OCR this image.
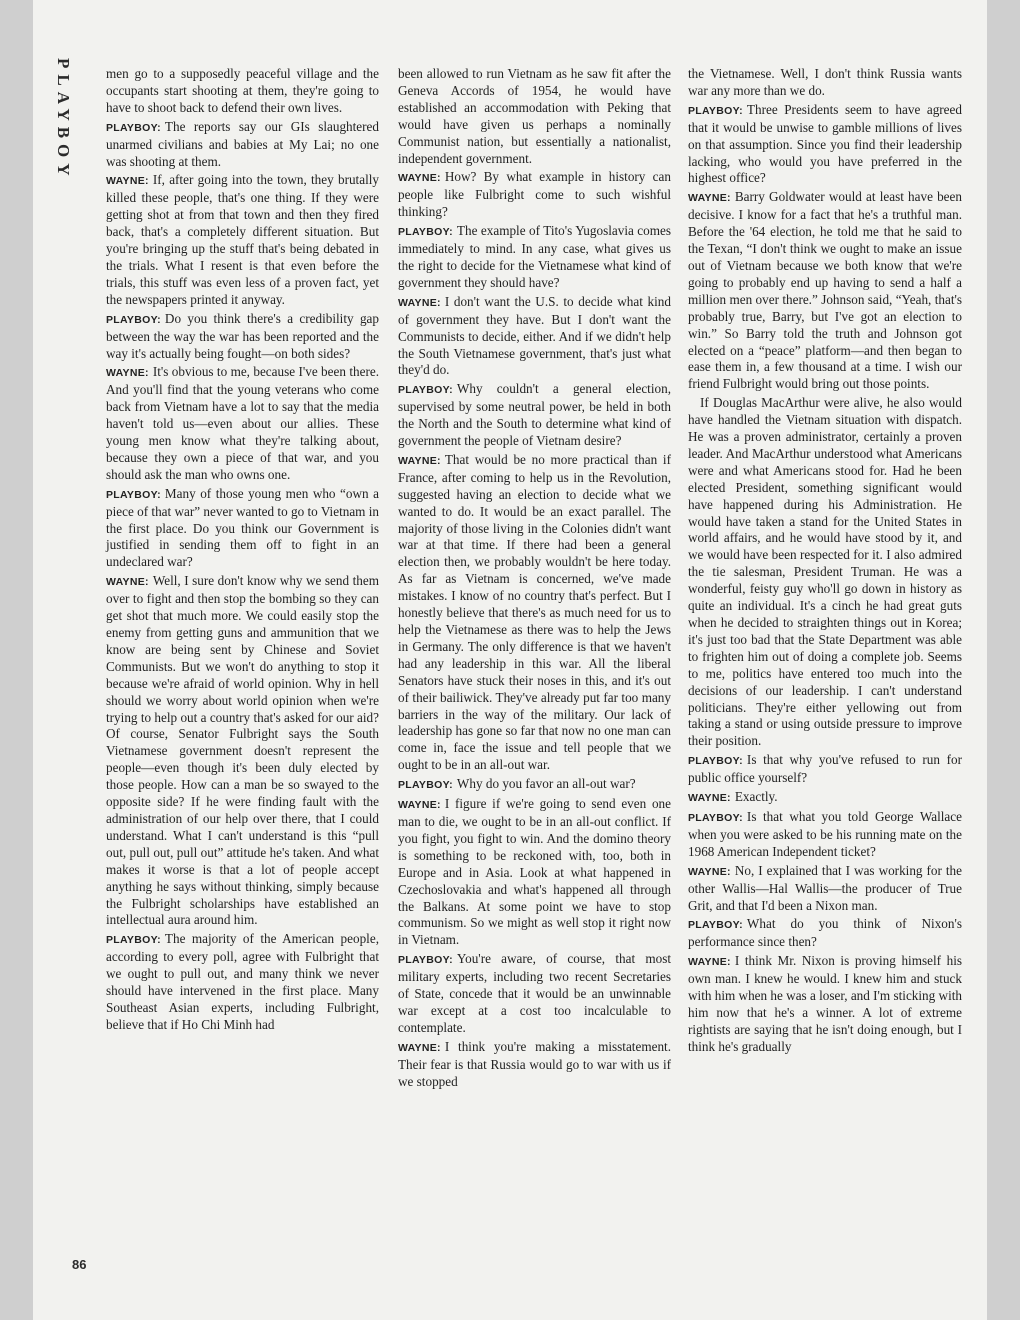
PLAYBOY	men go to a supposedly peaceful village and the occupants start shooting at them, they're going to have to shoot back to defend their own lives.

PLAYBOY: The reports say our GIs slaughtered unarmed civilians and babies at My Lai; no one was shooting at them.

WAYNE: If, after going into the town, they brutally killed these people, that's one thing. If they were getting shot at from that town and then they fired back, that's a completely different situation. But you're bringing up the stuff that's being debated in the trials. What I resent is that even before the trials, this stuff was even less of a proven fact, yet the newspapers printed it anyway.

PLAYBOY: Do you think there's a credibility gap between the way the war has been reported and the way it's actually being fought—on both sides?

WAYNE: It's obvious to me, because I've been there. And you'll find that the young veterans who come back from Vietnam have a lot to say that the media haven't told us—even about our allies. These young men know what they're talking about, because they own a piece of that war, and you should ask the man who owns one.

PLAYBOY: Many of those young men who “own a piece of that war” never wanted to go to Vietnam in the first place. Do you think our Government is justified in sending them off to fight in an undeclared war?

WAYNE: Well, I sure don't know why we send them over to fight and then stop the bombing so they can get shot that much more. We could easily stop the enemy from getting guns and ammunition that we know are being sent by Chinese and Soviet Communists. But we won't do anything to stop it because we're afraid of world opinion. Why in hell should we worry about world opinion when we're trying to help out a country that's asked for our aid? Of course, Senator Fulbright says the South Vietnamese government doesn't represent the people—even though it's been duly elected by those people. How can a man be so swayed to the opposite side? If he were finding fault with the administration of our help over there, that I could understand. What I can't understand is this “pull out, pull out, pull out” attitude he's taken. And what makes it worse is that a lot of people accept anything he says without thinking, simply because the Fulbright scholarships have established an intellectual aura around him.

PLAYBOY: The majority of the American people, according to every poll, agree with Fulbright that we ought to pull out, and many think we never should have intervened in the first place. Many Southeast Asian experts, including Fulbright, believe that if Ho Chi Minh had

been allowed to run Vietnam as he saw fit after the Geneva Accords of 1954, he would have established an accommodation with Peking that would have given us perhaps a nominally Communist nation, but essentially a nationalist, independent government.

WAYNE: How? By what example in history can people like Fulbright come to such wishful thinking?

PLAYBOY: The example of Tito's Yugoslavia comes immediately to mind. In any case, what gives us the right to decide for the Vietnamese what kind of government they should have?

WAYNE: I don't want the U.S. to decide what kind of government they have. But I don't want the Communists to decide, either. And if we didn't help the South Vietnamese government, that's just what they'd do.

PLAYBOY: Why couldn't a general election, supervised by some neutral power, be held in both the North and the South to determine what kind of government the people of Vietnam desire?

WAYNE: That would be no more practical than if France, after coming to help us in the Revolution, suggested having an election to decide what we wanted to do. It would be an exact parallel. The majority of those living in the Colonies didn't want war at that time. If there had been a general election then, we probably wouldn't be here today. As far as Vietnam is concerned, we've made mistakes. I know of no country that's perfect. But I honestly believe that there's as much need for us to help the Vietnamese as there was to help the Jews in Germany. The only difference is that we haven't had any leadership in this war. All the liberal Senators have stuck their noses in this, and it's out of their bailiwick. They've already put far too many barriers in the way of the military. Our lack of leadership has gone so far that now no one man can come in, face the issue and tell people that we ought to be in an all-out war.

PLAYBOY: Why do you favor an all-out war?

WAYNE: I figure if we're going to send even one man to die, we ought to be in an all-out conflict. If you fight, you fight to win. And the domino theory is something to be reckoned with, too, both in Europe and in Asia. Look at what happened in Czechoslovakia and what's happened all through the Balkans. At some point we have to stop communism. So we might as well stop it right now in Vietnam.

PLAYBOY: You're aware, of course, that most military experts, including two recent Secretaries of State, concede that it would be an unwinnable war except at a cost too incalculable to contemplate.

WAYNE: I think you're making a misstatement. Their fear is that Russia would go to war with us if we stopped

the Vietnamese. Well, I don't think Russia wants war any more than we do.

PLAYBOY: Three Presidents seem to have agreed that it would be unwise to gamble millions of lives on that assumption. Since you find their leadership lacking, who would you have preferred in the highest office?

WAYNE: Barry Goldwater would at least have been decisive. I know for a fact that he's a truthful man. Before the '64 election, he told me that he said to the Texan, “I don't think we ought to make an issue out of Vietnam because we both know that we're going to probably end up having to send a half a million men over there.” Johnson said, “Yeah, that's probably true, Barry, but I've got an election to win.” So Barry told the truth and Johnson got elected on a “peace” platform—and then began to ease them in, a few thousand at a time. I wish our friend Fulbright would bring out those points.

If Douglas MacArthur were alive, he also would have handled the Vietnam situation with dispatch. He was a proven administrator, certainly a proven leader. And MacArthur understood what Americans were and what Americans stood for. Had he been elected President, something significant would have happened during his Administration. He would have taken a stand for the United States in world affairs, and he would have stood by it, and we would have been respected for it. I also admired the tie salesman, President Truman. He was a wonderful, feisty guy who'll go down in history as quite an individual. It's a cinch he had great guts when he decided to straighten things out in Korea; it's just too bad that the State Department was able to frighten him out of doing a complete job. Seems to me, politics have entered too much into the decisions of our leadership. I can't understand politicians. They're either yellowing out from taking a stand or using outside pressure to improve their position.

PLAYBOY: Is that why you've refused to run for public office yourself?

WAYNE: Exactly.

PLAYBOY: Is that what you told George Wallace when you were asked to be his running mate on the 1968 American Independent ticket?

WAYNE: No, I explained that I was working for the other Wallis—Hal Wallis—the producer of True Grit, and that I'd been a Nixon man.

PLAYBOY: What do you think of Nixon's performance since then?

WAYNE: I think Mr. Nixon is proving himself his own man. I knew he would. I knew him and stuck with him when he was a loser, and I'm sticking with him now that he's a winner. A lot of extreme rightists are saying that he isn't doing enough, but I think he's gradually

86
